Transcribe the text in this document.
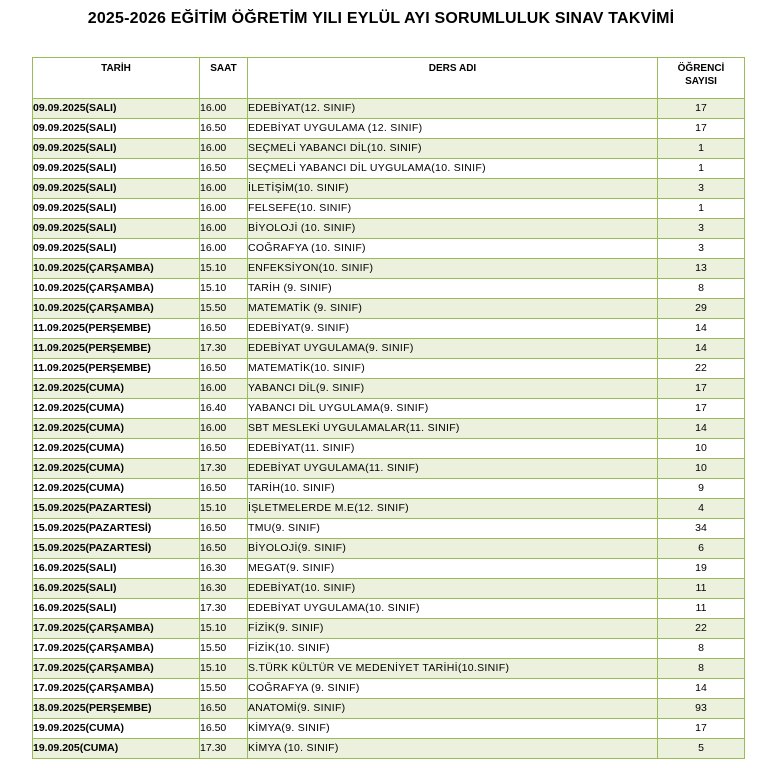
2025-2026 EĞİTİM ÖĞRETİM YILI EYLÜL AYI SORUMLULUK SINAV TAKVİMİ
TARİH	SAAT	DERS ADI	ÖĞRENCİ
SAYISI
09.09.2025(SALI)	16.00	EDEBİYAT(12. SINIF)	17
09.09.2025(SALI)	16.50	EDEBİYAT UYGULAMA (12. SINIF)	17
09.09.2025(SALI)	16.00	SEÇMELİ YABANCI DİL(10. SINIF)	1
09.09.2025(SALI)	16.50	SEÇMELİ YABANCI DİL UYGULAMA(10. SINIF)	1
09.09.2025(SALI)	16.00	İLETİŞİM(10. SINIF)	3
09.09.2025(SALI)	16.00	FELSEFE(10. SINIF)	1
09.09.2025(SALI)	16.00	BİYOLOJİ (10. SINIF)	3
09.09.2025(SALI)	16.00	COĞRAFYA (10. SINIF)	3
10.09.2025(ÇARŞAMBA)	15.10	ENFEKSİYON(10. SINIF)	13
10.09.2025(ÇARŞAMBA)	15.10	TARİH (9. SINIF)	8
10.09.2025(ÇARŞAMBA)	15.50	MATEMATİK (9. SINIF)	29
11.09.2025(PERŞEMBE)	16.50	EDEBİYAT(9. SINIF)	14
11.09.2025(PERŞEMBE)	17.30	EDEBİYAT UYGULAMA(9. SINIF)	14
11.09.2025(PERŞEMBE)	16.50	MATEMATİK(10. SINIF)	22
12.09.2025(CUMA)	16.00	YABANCI DİL(9. SINIF)	17
12.09.2025(CUMA)	16.40	YABANCI DİL UYGULAMA(9. SINIF)	17
12.09.2025(CUMA)	16.00	SBT MESLEKİ UYGULAMALAR(11. SINIF)	14
12.09.2025(CUMA)	16.50	EDEBİYAT(11. SINIF)	10
12.09.2025(CUMA)	17.30	EDEBİYAT UYGULAMA(11. SINIF)	10
12.09.2025(CUMA)	16.50	TARİH(10. SINIF)	9
15.09.2025(PAZARTESİ)	15.10	İŞLETMELERDE M.E(12. SINIF)	4
15.09.2025(PAZARTESİ)	16.50	TMU(9. SINIF)	34
15.09.2025(PAZARTESİ)	16.50	BİYOLOJİ(9. SINIF)	6
16.09.2025(SALI)	16.30	MEGAT(9. SINIF)	19
16.09.2025(SALI)	16.30	EDEBİYAT(10. SINIF)	11
16.09.2025(SALI)	17.30	EDEBİYAT UYGULAMA(10. SINIF)	11
17.09.2025(ÇARŞAMBA)	15.10	FİZİK(9. SINIF)	22
17.09.2025(ÇARŞAMBA)	15.50	FİZİK(10. SINIF)	8
17.09.2025(ÇARŞAMBA)	15.10	S.TÜRK KÜLTÜR VE MEDENİYET TARİHİ(10.SINIF)	8
17.09.2025(ÇARŞAMBA)	15.50	COĞRAFYA (9. SINIF)	14
18.09.2025(PERŞEMBE)	16.50	ANATOMİ(9. SINIF)	93
19.09.2025(CUMA)	16.50	KİMYA(9. SINIF)	17
19.09.205(CUMA)	17.30	KİMYA (10. SINIF)	5
